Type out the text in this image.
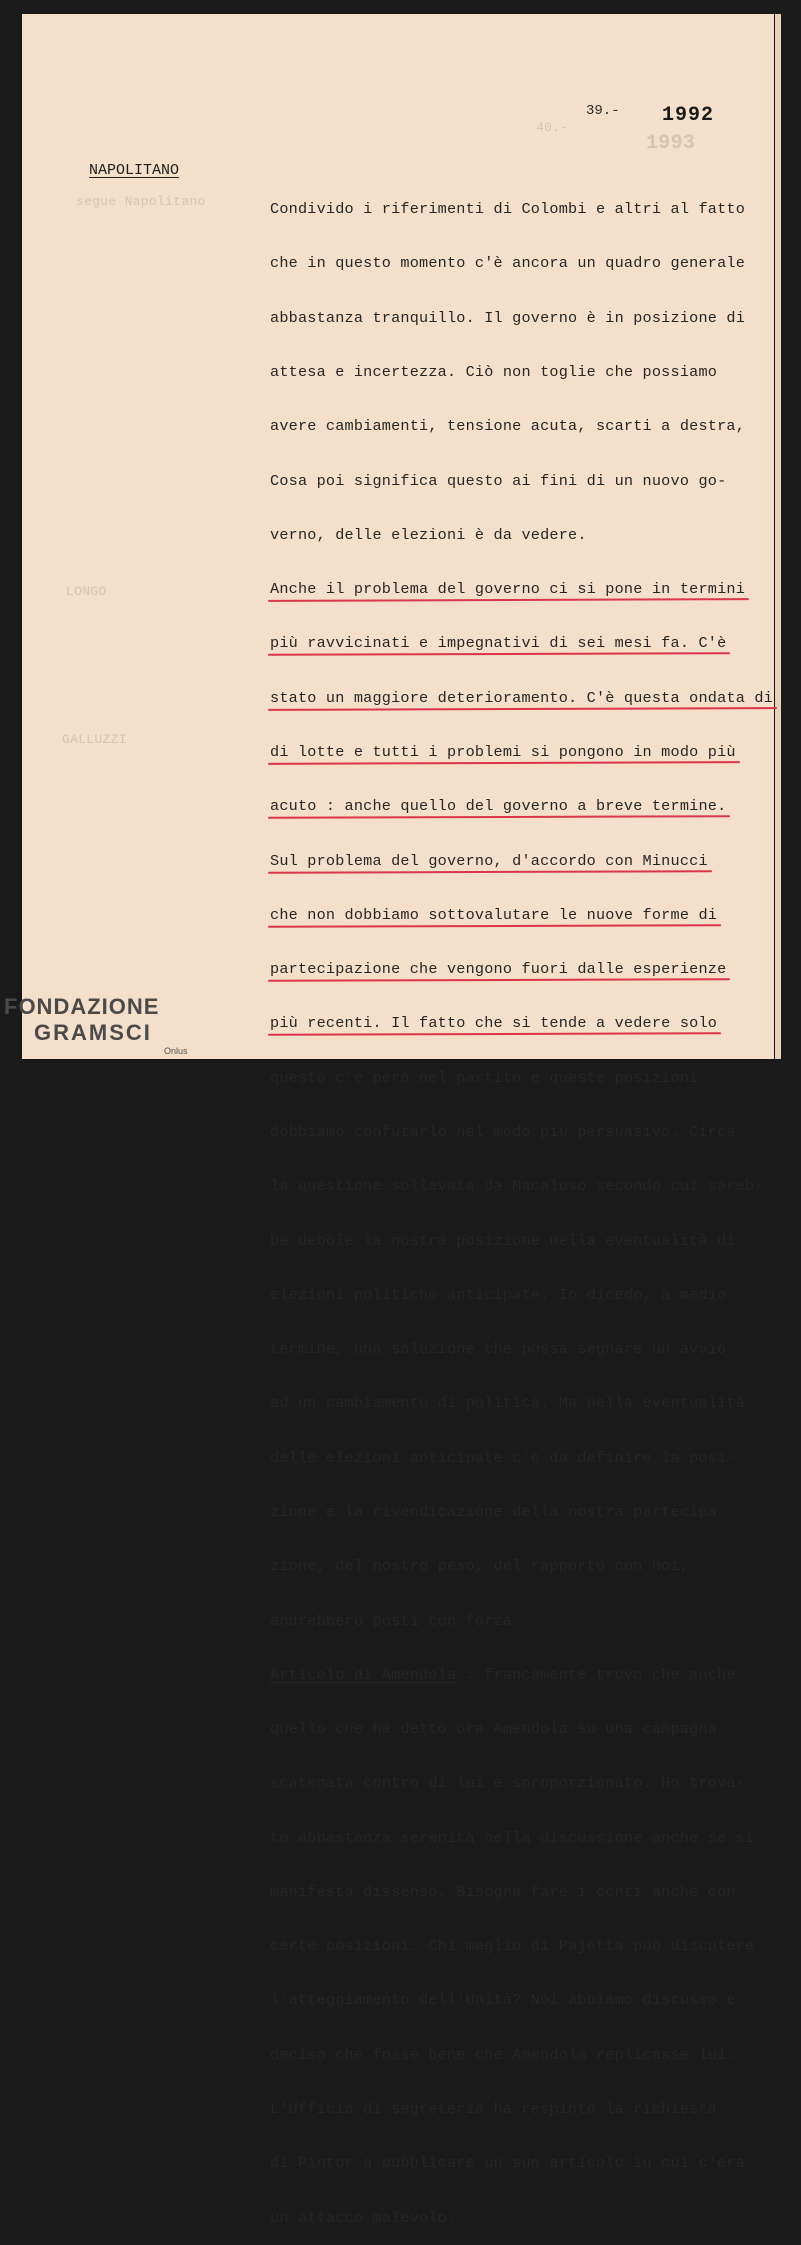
40.-
1993
segue Napolitano
LONGO
GALLUZZI
39.- 1992
NAPOLITANO

Condivido i riferimenti di Colombi e altri al fatto

che in questo momento c'è ancora un quadro generale

abbastanza tranquillo. Il governo è in posizione di

attesa e incertezza. Ciò non toglie che possiamo

avere cambiamenti, tensione acuta, scarti a destra,

Cosa poi significa questo ai fini di un nuovo go-

verno, delle elezioni è da vedere.

Anche il problema del governo ci si pone in termini

più ravvicinati e impegnativi di sei mesi fa. C'è

stato un maggiore deterioramento. C'è questa ondata di

di lotte e tutti i problemi si pongono in modo più

acuto : anche quello del governo a breve termine.

Sul problema del governo, d'accordo con Minucci

che non dobbiamo sottovalutare le nuove forme di

partecipazione che vengono fuori dalle esperienze

più recenti. Il fatto che si tende a vedere solo

questo c'è però nel partito e queste posizioni

dobbiamo confutarlo nel modo più persuasivo. Circa

la questione sollevata da Macaluso secondo cui sareb-

be debole la nostra posizione nella eventualità di

elezioni politiche anticipate. Io dicedo, a medio

termine, una soluzione che possa segnare un avvio

ad un cambiamento di politica. Ma nella eventualità

delle elezioni anticipate c'è da definire la posi-

zione e la rivendicazione della nostra partecipa-

zione, del nostro peso, del rapporto con noi,

andrebbero posti con forza.

Articolo di Amendola : francamente trovo che anche

quello che ha detto ora Amendola su una campagna

scatenata contro di lui è sproporzionato. Ho trova-

to abbastanza serenità nella discussione anche se si

manifesta dissenso. Bisogna fare i conti anche con

certe posizioni. Chi meglio di Pajetta può discutere

l'atteggiamento dell'Unità? Noi abbiamo discusso e

deciso che fosse bene che Amendola replicasse lui.

L'Ufficio di segreteria ha respinto la richiesta

di Pintor a pubblicare un suo articolo in cui c'era

un attacco malevolo.

FONDAZIONE
GRAMSCI
Onlus
